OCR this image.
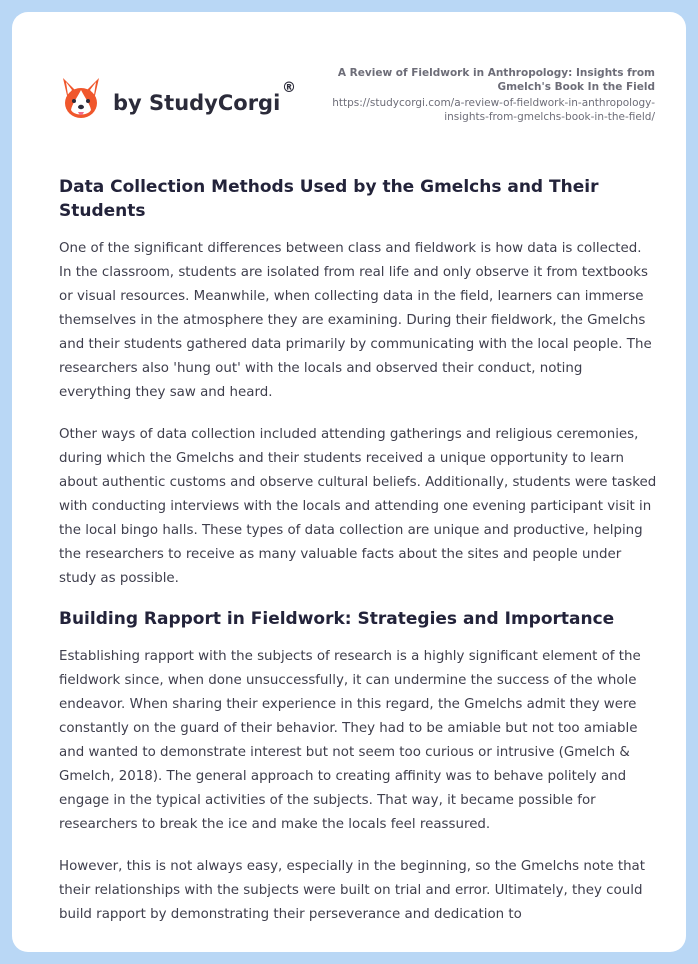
by StudyCorgi
®
A Review of Fieldwork in Anthropology: Insights from Gmelch's Book In the Field
https://studycorgi.com/a-review-of-fieldwork-in-anthropology-insights-from-gmelchs-book-in-the-field/
Data Collection Methods Used by the Gmelchs and Their Students

One of the significant differences between class and fieldwork is how data is collected. In the classroom, students are isolated from real life and only observe it from textbooks or visual resources. Meanwhile, when collecting data in the field, learners can immerse themselves in the atmosphere they are examining. During their fieldwork, the Gmelchs and their students gathered data primarily by communicating with the local people. The researchers also 'hung out' with the locals and observed their conduct, noting everything they saw and heard.

Other ways of data collection included attending gatherings and religious ceremonies, during which the Gmelchs and their students received a unique opportunity to learn about authentic customs and observe cultural beliefs. Additionally, students were tasked with conducting interviews with the locals and attending one evening participant visit in the local bingo halls. These types of data collection are unique and productive, helping the researchers to receive as many valuable facts about the sites and people under study as possible.

Building Rapport in Fieldwork: Strategies and Importance

Establishing rapport with the subjects of research is a highly significant element of the fieldwork since, when done unsuccessfully, it can undermine the success of the whole endeavor. When sharing their experience in this regard, the Gmelchs admit they were constantly on the guard of their behavior. They had to be amiable but not too amiable and wanted to demonstrate interest but not seem too curious or intrusive (Gmelch & Gmelch, 2018). The general approach to creating affinity was to behave politely and engage in the typical activities of the subjects. That way, it became possible for researchers to break the ice and make the locals feel reassured.

However, this is not always easy, especially in the beginning, so the Gmelchs note that their relationships with the subjects were built on trial and error. Ultimately, they could build rapport by demonstrating their perseverance and dedication to
